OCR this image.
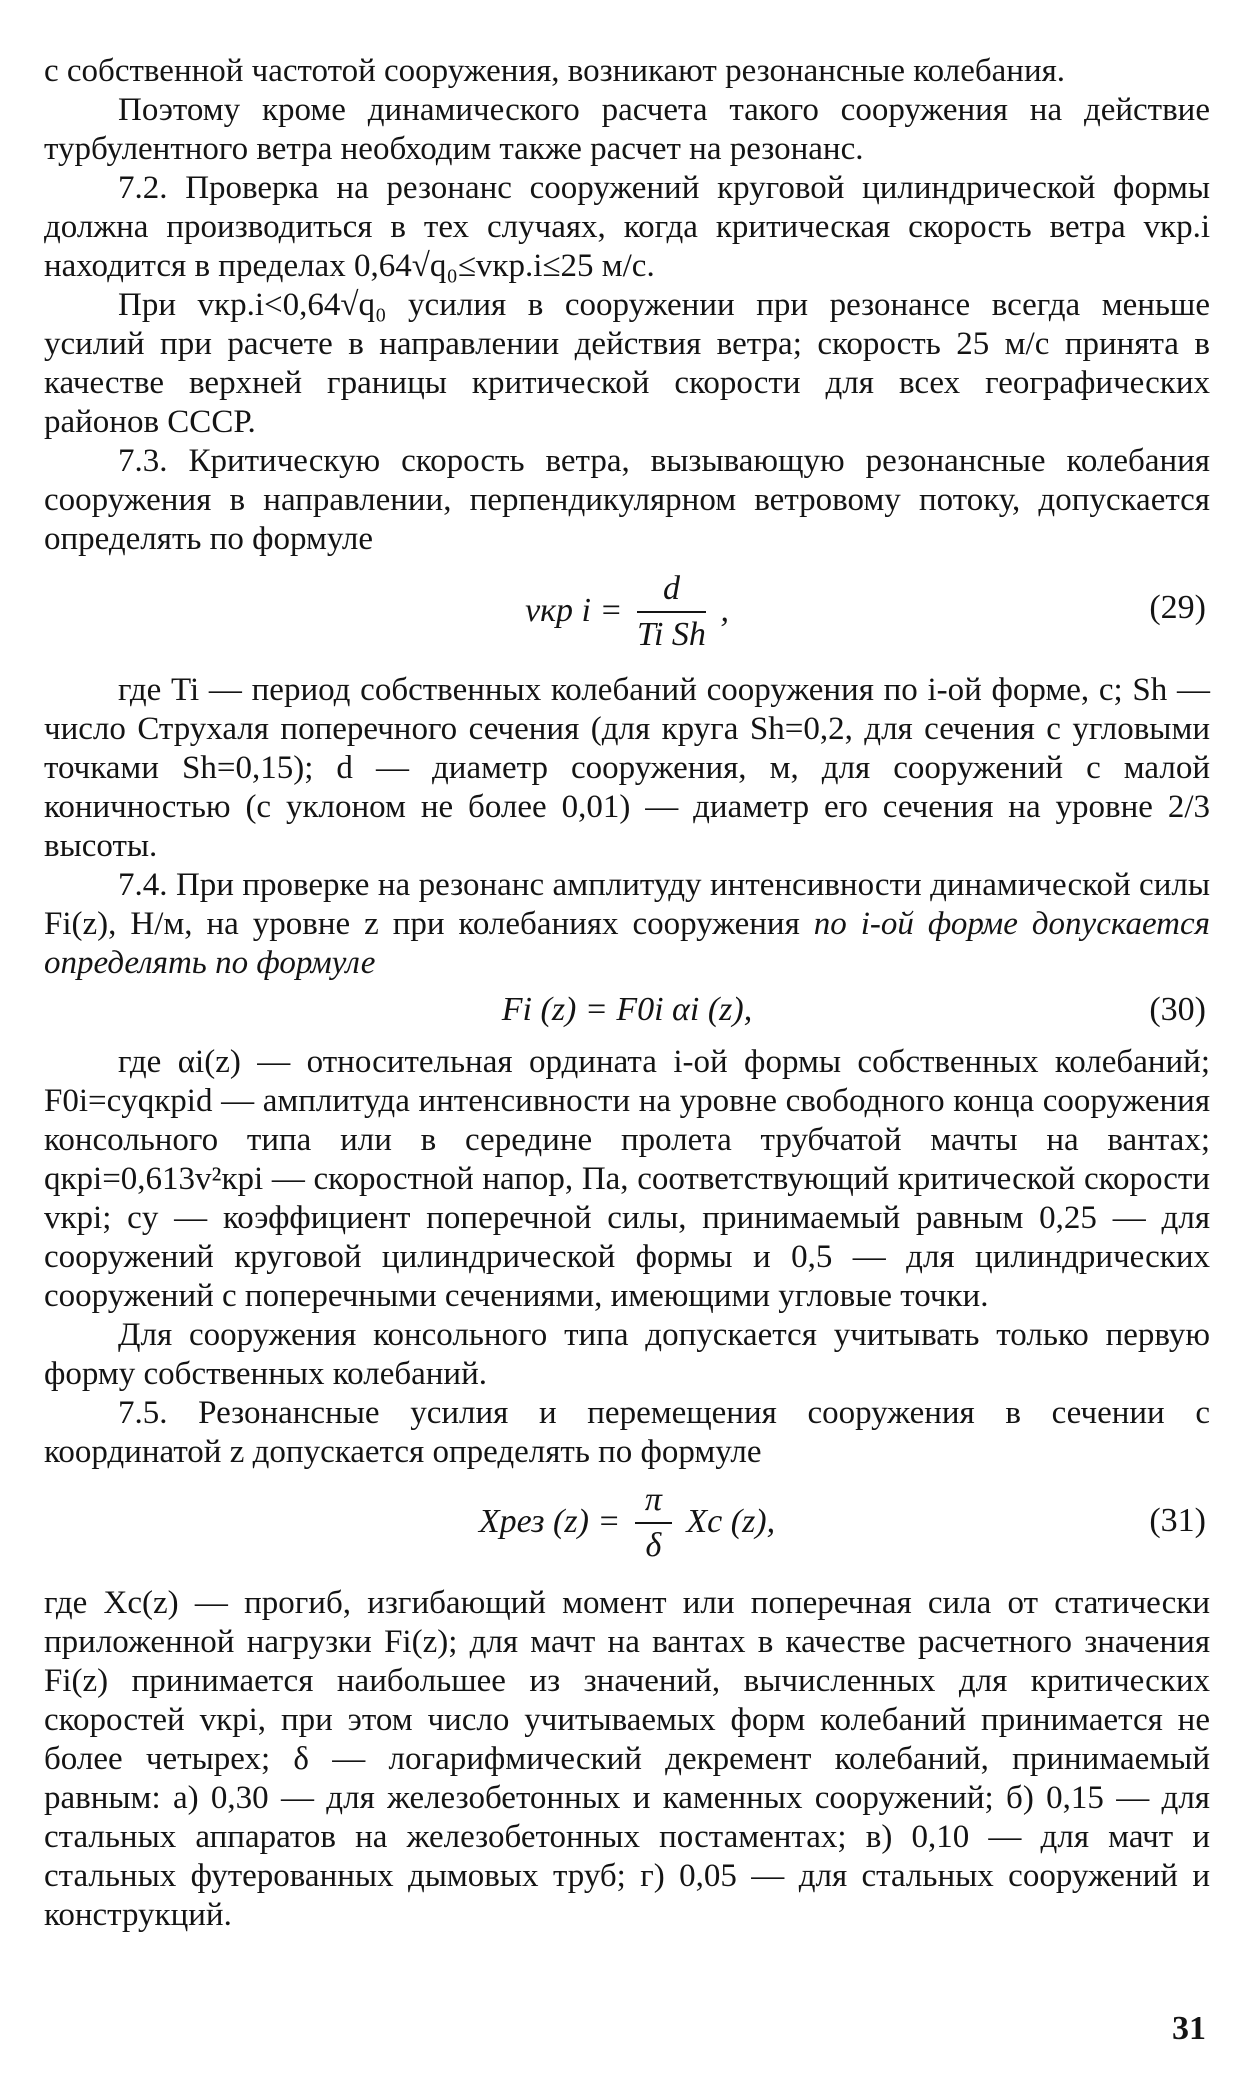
с собственной частотой сооружения, возникают резонансные колебания.

Поэтому кроме динамического расчета такого сооружения на действие турбулентного ветра необходим также расчет на резонанс.

7.2. Проверка на резонанс сооружений круговой цилиндрической формы должна производиться в тех случаях, когда критическая скорость ветра vкр.i находится в пределах 0,64√q₀≤vкр.i≤25 м/с.

При vкр.i<0,64√q₀ усилия в сооружении при резонансе всегда меньше усилий при расчете в направлении действия ветра; скорость 25 м/с принята в качестве верхней границы критической скорости для всех географических районов СССР.

7.3. Критическую скорость ветра, вызывающую резонансные колебания сооружения в направлении, перпендикулярном ветровому потоку, допускается определять по формуле

vкр $i = \frac{d}{\text{Ti Sh}}$ ,	(29)

где Ti — период собственных колебаний сооружения по i-ой форме, с; Sh — число Струхаля поперечного сечения (для круга Sh=0,2, для сечения с угловыми точками Sh=0,15); d — диаметр сооружения, м, для сооружений с малой коничностью (с уклоном не более 0,01) — диаметр его сечения на уровне 2/3 высоты.

7.4. При проверке на резонанс амплитуду интенсивности динамической силы Fi(z), Н/м, на уровне z при колебаниях сооружения по i-ой форме допускается определять по формуле

Fi (z) = F0i αi (z),	(30)

где αi(z) — относительная ордината i-ой формы собственных колебаний; F0i=cyqкрid — амплитуда интенсивности на уровне свободного конца сооружения консольного типа или в середине пролета трубчатой мачты на вантах; qкрi=0,613v²крi — скоростной напор, Па, соответствующий критической скорости vкрi; cy — коэффициент поперечной силы, принимаемый равным 0,25 — для сооружений круговой цилиндрической формы и 0,5 — для цилиндрических сооружений с поперечными сечениями, имеющими угловые точки.

Для сооружения консольного типа допускается учитывать только первую форму собственных колебаний.

7.5. Резонансные усилия и перемещения сооружения в сечении с координатой z допускается определять по формуле

Xрез $(z) = \frac{\pi}{\delta}$ Xc (z),	(31)

где Xc(z) — прогиб, изгибающий момент или поперечная сила от статически приложенной нагрузки Fi(z); для мачт на вантах в качестве расчетного значения Fi(z) принимается наибольшее из значений, вычисленных для критических скоростей vкрi, при этом число учитываемых форм колебаний принимается не более четырех; δ — логарифмический декремент колебаний, принимаемый равным: а) 0,30 — для железобетонных и каменных сооружений; б) 0,15 — для стальных аппаратов на железобетонных постаментах; в) 0,10 — для мачт и стальных футерованных дымовых труб; г) 0,05 — для стальных сооружений и конструкций.

31
